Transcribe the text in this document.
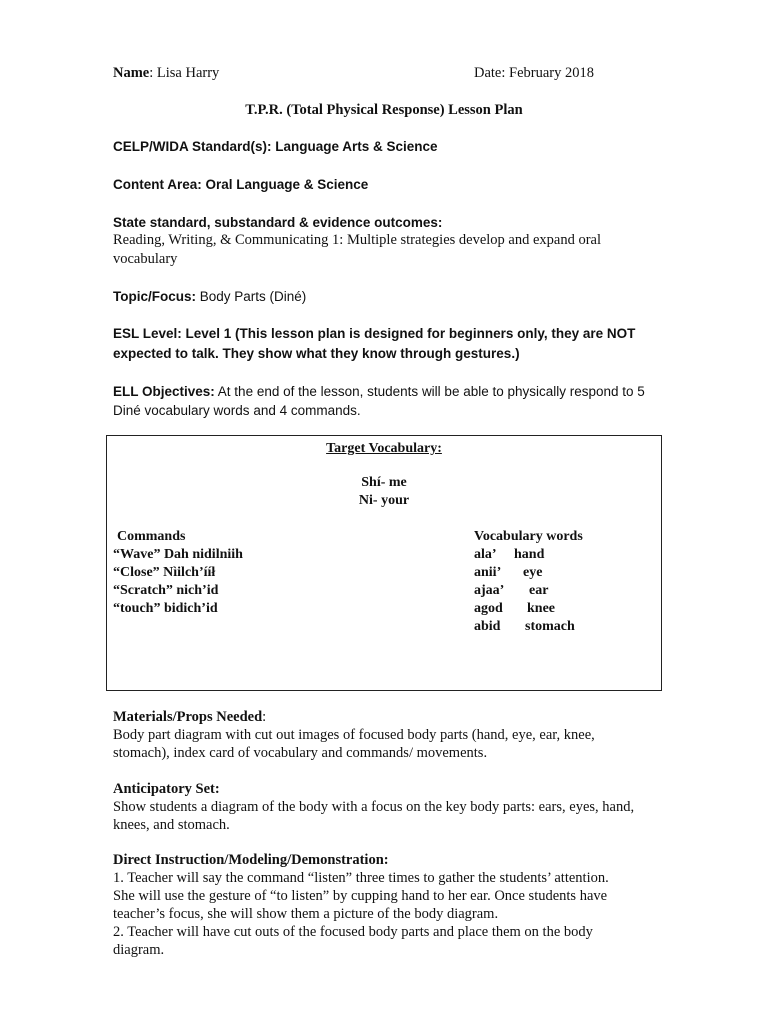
Name: Lisa Harry	Date: February 2018
T.P.R. (Total Physical Response) Lesson Plan
CELP/WIDA Standard(s): Language Arts & Science
Content Area: Oral Language & Science
State standard, substandard & evidence outcomes:
Reading, Writing, & Communicating 1: Multiple strategies develop and expand oral vocabulary
Topic/Focus: Body Parts (Diné)
ESL Level: Level 1 (This lesson plan is designed for beginners only, they are NOT
expected to talk. They show what they know through gestures.)
ELL Objectives: At the end of the lesson, students will be able to physically respond to 5
Diné vocabulary words and 4 commands.
Target Vocabulary:
Shí- me
Ni- your
Commands
“Wave” Dah nidilniih
“Close” Nìilch’ííł
“Scratch” nich’id
“touch” bidich’id
Vocabulary words
ala’ hand
anii’ eye
ajaa’ ear
agod knee
abid stomach
Materials/Props Needed:
Body part diagram with cut out images of focused body parts (hand, eye, ear, knee,
stomach), index card of vocabulary and commands/ movements.
Anticipatory Set:
Show students a diagram of the body with a focus on the key body parts: ears, eyes, hand,
knees, and stomach.
Direct Instruction/Modeling/Demonstration:
1. Teacher will say the command “listen” three times to gather the students’ attention.
She will use the gesture of “to listen” by cupping hand to her ear. Once students have
teacher’s focus, she will show them a picture of the body diagram.
2. Teacher will have cut outs of the focused body parts and place them on the body
diagram.
